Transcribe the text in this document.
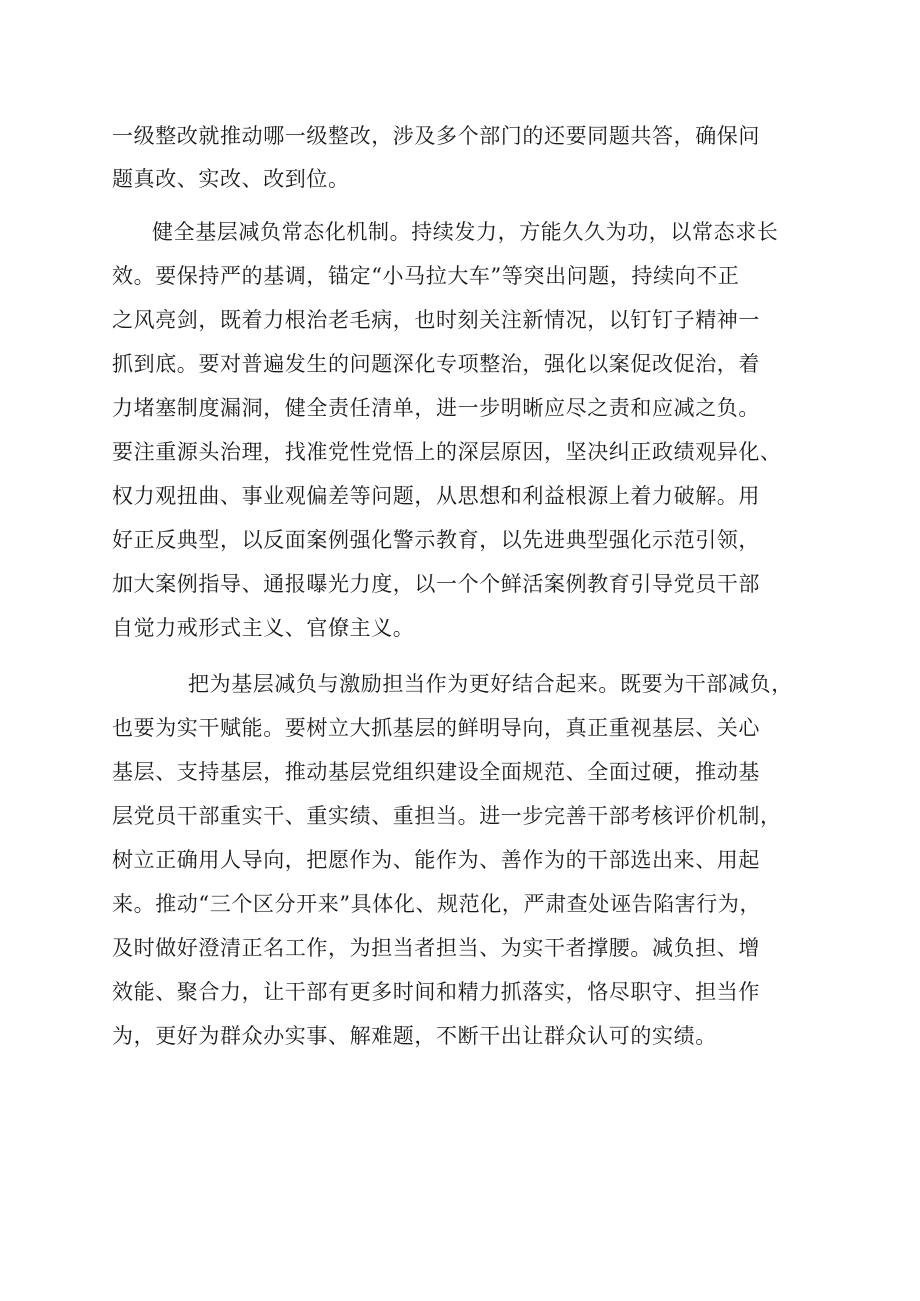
一级整改就推动哪一级整改，涉及多个部门的还要同题共答，确保问
题真改、实改、改到位。
健全基层减负常态化机制。持续发力，方能久久为功，以常态求长
效。要保持严的基调，锚定“小马拉大车”等突出问题，持续向不正
之风亮剑，既着力根治老毛病，也时刻关注新情况，以钉钉子精神一
抓到底。要对普遍发生的问题深化专项整治，强化以案促改促治，着
力堵塞制度漏洞，健全责任清单，进一步明晰应尽之责和应减之负。
要注重源头治理，找准党性党悟上的深层原因，坚决纠正政绩观异化、
权力观扭曲、事业观偏差等问题，从思想和利益根源上着力破解。用
好正反典型，以反面案例强化警示教育，以先进典型强化示范引领，
加大案例指导、通报曝光力度，以一个个鲜活案例教育引导党员干部
自觉力戒形式主义、官僚主义。
把为基层减负与激励担当作为更好结合起来。既要为干部减负，
也要为实干赋能。要树立大抓基层的鲜明导向，真正重视基层、关心
基层、支持基层，推动基层党组织建设全面规范、全面过硬，推动基
层党员干部重实干、重实绩、重担当。进一步完善干部考核评价机制，
树立正确用人导向，把愿作为、能作为、善作为的干部选出来、用起
来。推动“三个区分开来”具体化、规范化，严肃查处诬告陷害行为，
及时做好澄清正名工作，为担当者担当、为实干者撑腰。减负担、增
效能、聚合力，让干部有更多时间和精力抓落实，恪尽职守、担当作
为，更好为群众办实事、解难题，不断干出让群众认可的实绩。
